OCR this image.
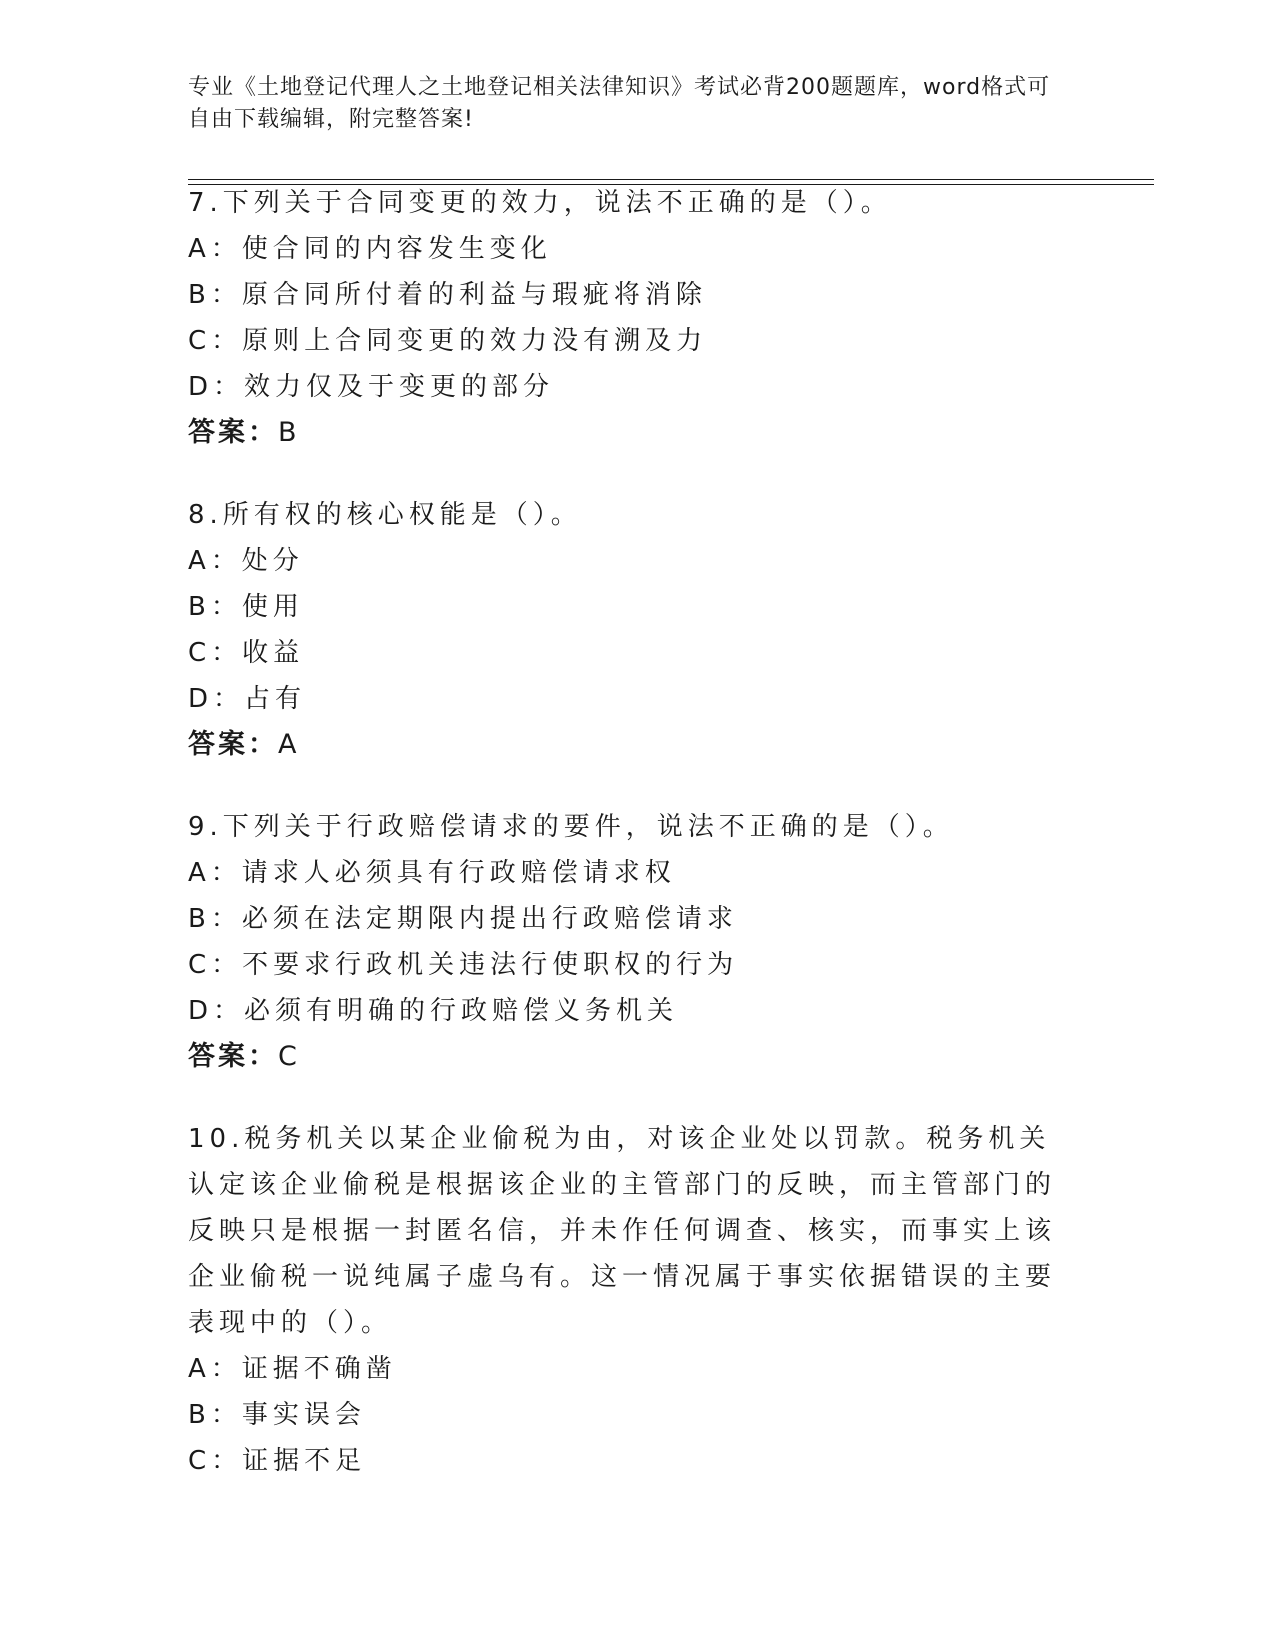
专业《土地登记代理人之土地登记相关法律知识》考试必背200题题库，word格式可自由下载编辑，附完整答案!
7.下列关于合同变更的效力，说法不正确的是（）。
A：使合同的内容发生变化
B：原合同所付着的利益与瑕疵将消除
C：原则上合同变更的效力没有溯及力
D：效力仅及于变更的部分
答案：B
8.所有权的核心权能是（）。
A：处分
B：使用
C：收益
D：占有
答案：A
9.下列关于行政赔偿请求的要件，说法不正确的是（）。
A：请求人必须具有行政赔偿请求权
B：必须在法定期限内提出行政赔偿请求
C：不要求行政机关违法行使职权的行为
D：必须有明确的行政赔偿义务机关
答案：C
10.税务机关以某企业偷税为由，对该企业处以罚款。税务机关认定该企业偷税是根据该企业的主管部门的反映，而主管部门的反映只是根据一封匿名信，并未作任何调查、核实，而事实上该企业偷税一说纯属子虚乌有。这一情况属于事实依据错误的主要表现中的（）。
A：证据不确凿
B：事实误会
C：证据不足
